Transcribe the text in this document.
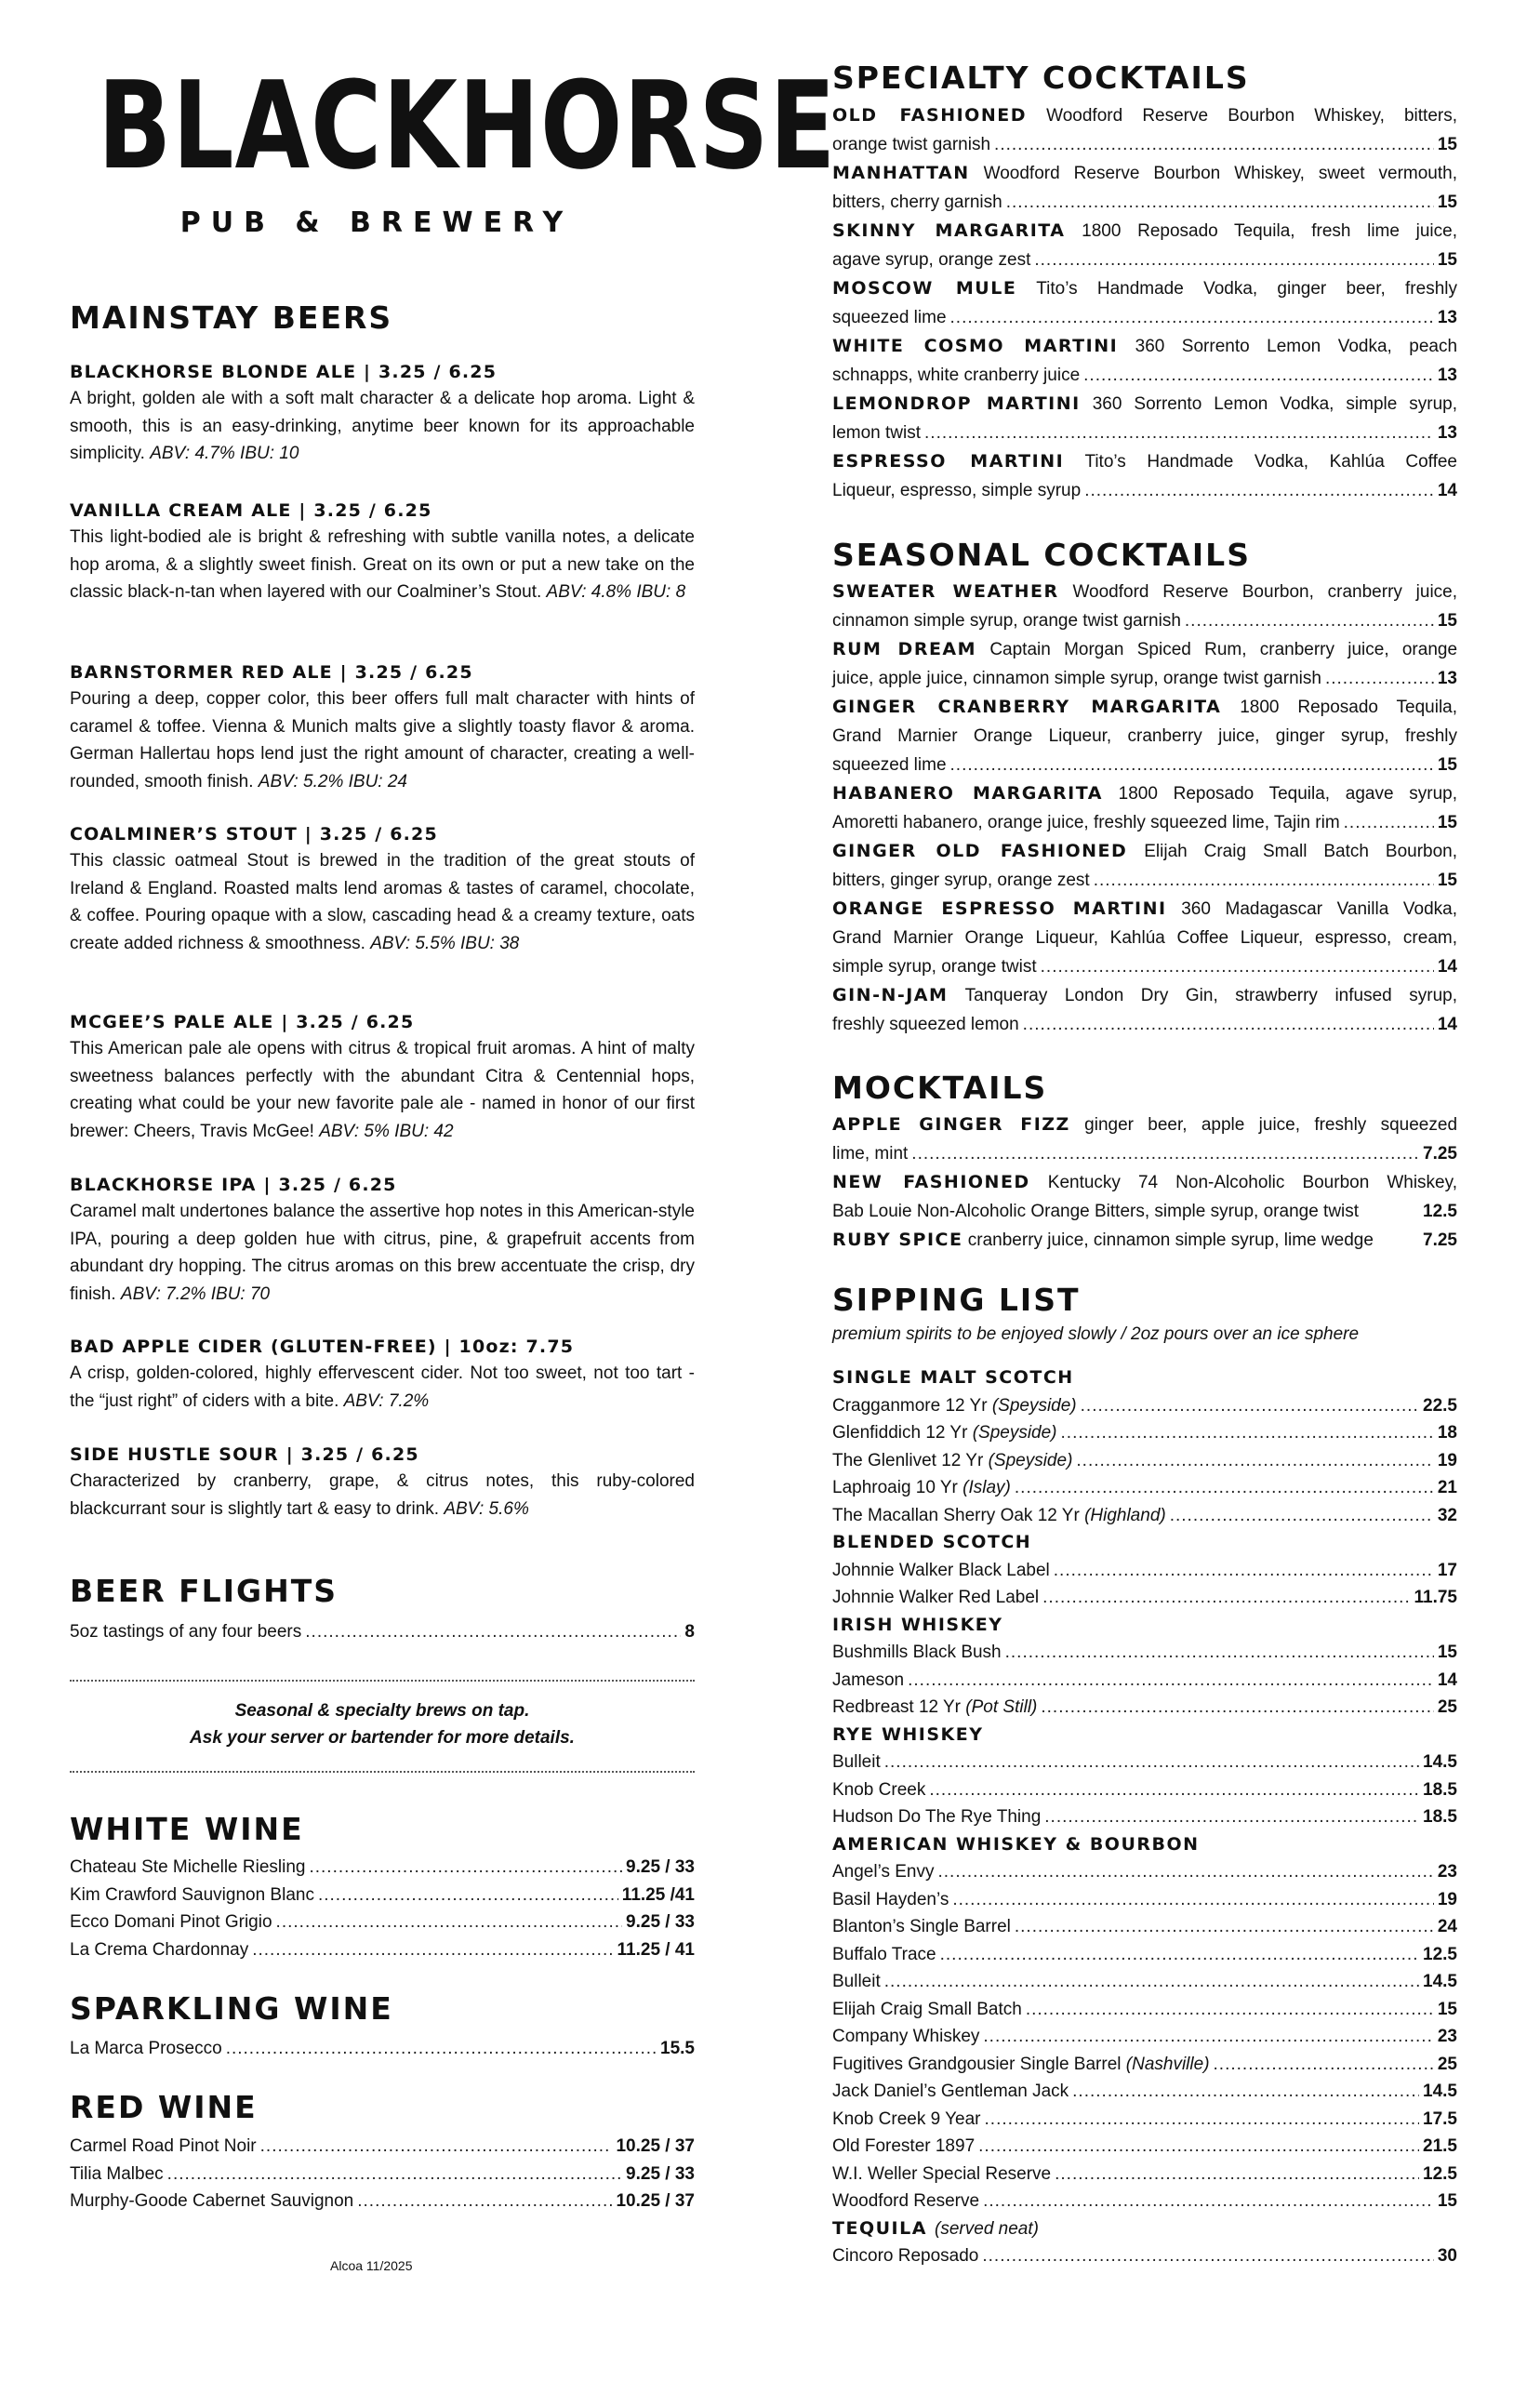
BLACKHORSE
PUB & BREWERY
MAINSTAY BEERS
BLACKHORSE BLONDE ALE | 3.25 / 6.25
A bright, golden ale with a soft malt character & a delicate hop aroma. Light & smooth, this is an easy-drinking, anytime beer known for its approachable simplicity. ABV: 4.7% IBU: 10
VANILLA CREAM ALE | 3.25 / 6.25
This light-bodied ale is bright & refreshing with subtle vanilla notes, a delicate hop aroma, & a slightly sweet finish. Great on its own or put a new take on the classic black-n-tan when layered with our Coalminer’s Stout. ABV: 4.8% IBU: 8
BARNSTORMER RED ALE | 3.25 / 6.25
Pouring a deep, copper color, this beer offers full malt character with hints of caramel & toffee. Vienna & Munich malts give a slightly toasty flavor & aroma. German Hallertau hops lend just the right amount of character, creating a well-rounded, smooth finish. ABV: 5.2% IBU: 24
COALMINER’S STOUT | 3.25 / 6.25
This classic oatmeal Stout is brewed in the tradition of the great stouts of Ireland & England. Roasted malts lend aromas & tastes of caramel, chocolate, & coffee. Pouring opaque with a slow, cascading head & a creamy texture, oats create added richness & smoothness. ABV: 5.5% IBU: 38
MCGEE’S PALE ALE | 3.25 / 6.25
This American pale ale opens with citrus & tropical fruit aromas. A hint of malty sweetness balances perfectly with the abundant Citra & Centennial hops, creating what could be your new favorite pale ale - named in honor of our first brewer: Cheers, Travis McGee! ABV: 5% IBU: 42
BLACKHORSE IPA | 3.25 / 6.25
Caramel malt undertones balance the assertive hop notes in this American-style IPA, pouring a deep golden hue with citrus, pine, & grapefruit accents from abundant dry hopping. The citrus aromas on this brew accentuate the crisp, dry finish. ABV: 7.2% IBU: 70
BAD APPLE CIDER (GLUTEN-FREE) | 10oz: 7.75
A crisp, golden-colored, highly effervescent cider. Not too sweet, not too tart - the “just right” of ciders with a bite. ABV: 7.2%
SIDE HUSTLE SOUR | 3.25 / 6.25
Characterized by cranberry, grape, & citrus notes, this ruby-colored blackcurrant sour is slightly tart & easy to drink. ABV: 5.6%
BEER FLIGHTS
5oz tastings of any four beers .....	8
Seasonal & specialty brews on tap.
Ask your server or bartender for more details.
WHITE WINE
Chateau Ste Michelle Riesling .....	9.25 / 33
Kim Crawford Sauvignon Blanc .....	11.25 /41
Ecco Domani Pinot Grigio .....	9.25 / 33
La Crema Chardonnay .....	11.25 / 41
SPARKLING WINE
La Marca Prosecco .....	15.5
RED WINE
Carmel Road Pinot Noir .....	10.25 / 37
Tilia Malbec .....	9.25 / 33
Murphy-Goode Cabernet Sauvignon .....	10.25 / 37
Alcoa 11/2025
SPECIALTY COCKTAILS
OLD FASHIONED Woodford Reserve Bourbon Whiskey, bitters,
orange twist garnish .....	15
MANHATTAN Woodford Reserve Bourbon Whiskey, sweet vermouth,
bitters, cherry garnish .....	15
SKINNY MARGARITA 1800 Reposado Tequila, fresh lime juice,
agave syrup, orange zest .....	15
MOSCOW MULE Tito’s Handmade Vodka, ginger beer, freshly
squeezed lime .....	13
WHITE COSMO MARTINI 360 Sorrento Lemon Vodka, peach
schnapps, white cranberry juice .....	13
LEMONDROP MARTINI 360 Sorrento Lemon Vodka, simple syrup,
lemon twist .....	13
ESPRESSO MARTINI Tito’s Handmade Vodka, Kahlúa Coffee
Liqueur, espresso, simple syrup .....	14
SEASONAL COCKTAILS
SWEATER WEATHER Woodford Reserve Bourbon, cranberry juice,
cinnamon simple syrup, orange twist garnish .....	15
RUM DREAM Captain Morgan Spiced Rum, cranberry juice, orange
juice, apple juice, cinnamon simple syrup, orange twist garnish .....	13
GINGER CRANBERRY MARGARITA 1800 Reposado Tequila,
Grand Marnier Orange Liqueur, cranberry juice, ginger syrup, freshly
squeezed lime .....	15
HABANERO MARGARITA 1800 Reposado Tequila, agave syrup,
Amoretti habanero, orange juice, freshly squeezed lime, Tajin rim .....	15
GINGER OLD FASHIONED Elijah Craig Small Batch Bourbon,
bitters, ginger syrup, orange zest .....	15
ORANGE ESPRESSO MARTINI 360 Madagascar Vanilla Vodka,
Grand Marnier Orange Liqueur, Kahlúa Coffee Liqueur, espresso, cream,
simple syrup, orange twist .....	14
GIN-N-JAM Tanqueray London Dry Gin, strawberry infused syrup,
freshly squeezed lemon .....	14
MOCKTAILS
APPLE GINGER FIZZ ginger beer, apple juice, freshly squeezed
lime, mint .....	7.25
NEW FASHIONED Kentucky 74 Non-Alcoholic Bourbon Whiskey,
Bab Louie Non-Alcoholic Orange Bitters, simple syrup, orange twist	12.5
RUBY SPICE cranberry juice, cinnamon simple syrup, lime wedge	7.25
SIPPING LIST
premium spirits to be enjoyed slowly / 2oz pours over an ice sphere
SINGLE MALT SCOTCH
Cragganmore 12 Yr (Speyside) .....	22.5
Glenfiddich 12 Yr (Speyside) .....	18
The Glenlivet 12 Yr (Speyside) .....	19
Laphroaig 10 Yr (Islay) .....	21
The Macallan Sherry Oak 12 Yr (Highland) .....	32
BLENDED SCOTCH
Johnnie Walker Black Label .....	17
Johnnie Walker Red Label .....	11.75
IRISH WHISKEY
Bushmills Black Bush .....	15
Jameson .....	14
Redbreast 12 Yr (Pot Still) .....	25
RYE WHISKEY
Bulleit .....	14.5
Knob Creek .....	18.5
Hudson Do The Rye Thing .....	18.5
AMERICAN WHISKEY & BOURBON
Angel’s Envy .....	23
Basil Hayden’s .....	19
Blanton’s Single Barrel .....	24
Buffalo Trace .....	12.5
Bulleit .....	14.5
Elijah Craig Small Batch .....	15
Company Whiskey .....	23
Fugitives Grandgousier Single Barrel (Nashville) .....	25
Jack Daniel’s Gentleman Jack .....	14.5
Knob Creek 9 Year .....	17.5
Old Forester 1897 .....	21.5
W.I. Weller Special Reserve .....	12.5
Woodford Reserve .....	15
TEQUILA (served neat)
Cincoro Reposado .....	30
